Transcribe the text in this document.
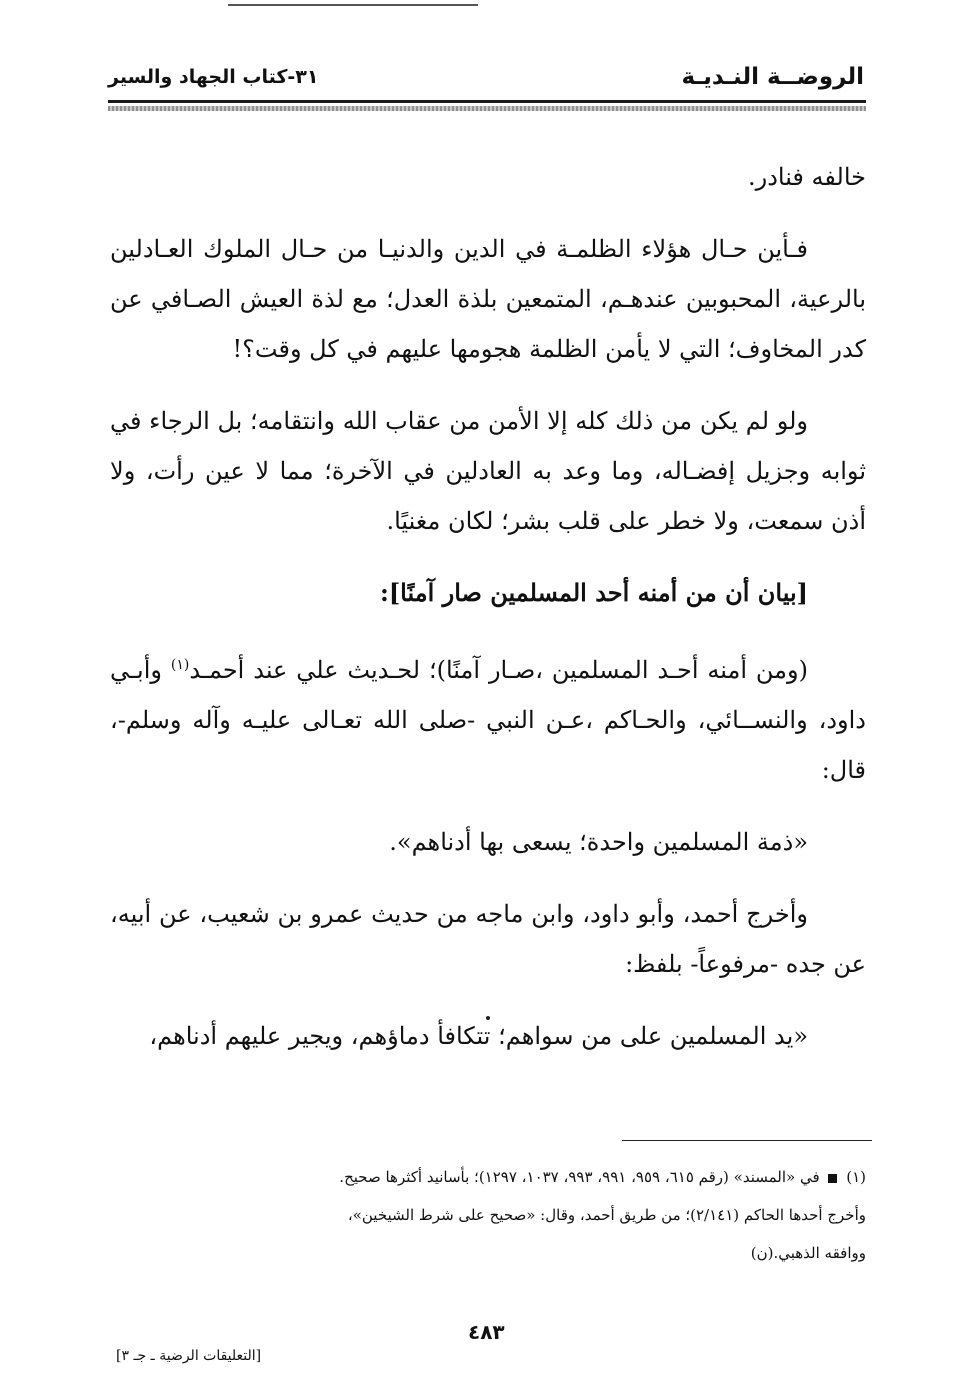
الروضــة النـديـة
٣١-كتاب الجهاد والسير

خالفه فنادر.

فـأين حـال هؤلاء الظلمـة في الدين والدنيـا من حـال الملوك العـادلين بالرعية، المحبوبين عندهـم، المتمعين بلذة العدل؛ مع لذة العيش الصـافي عن كدر المخاوف؛ التي لا يأمن الظلمة هجومها عليهم في كل وقت؟!

ولو لم يكن من ذلك كله إلا الأمن من عقاب الله وانتقامه؛ بل الرجاء في ثوابه وجزيل إفضـاله، وما وعد به العادلين في الآخرة؛ مما لا عين رأت، ولا أذن سمعت، ولا خطر على قلب بشر؛ لكان مغنيًا.

[بيان أن من أمنه أحد المسلمين صار آمنًا]:

(ومن أمنه أحـد المسلمين ،صـار آمنًا)؛ لحـديث علي عند أحمـد$^{(١)}$ وأبـي داود، والنســائي، والحـاكم ،عـن النبي -صلى الله تعـالى عليـه وآله وسلم-، قال:

«ذمة المسلمين واحدة؛ يسعى بها أدناهم».

وأخرج أحمد، وأبو داود، وابن ماجه من حديث عمرو بن شعيب، عن أبيه، عن جده -مرفوعاً- بلفظ:

«يد المسلمين على من سواهم؛ تتكافأ دماؤهم، ويجير عليهم أدناهم،

(١)  في «المسند» (رقم ٦١٥، ٩٥٩، ٩٩١، ٩٩٣، ١٠٣٧، ١٢٩٧)؛ بأسانيد أكثرها صحيح.
وأخرج أحدها الحاكم (٢/١٤١)؛ من طريق أحمد، وقال: «صحيح على شرط الشيخين»،
ووافقه الذهبي.(ن)
٤٨٣
[التعليقات الرضية ـ جـ ٣]
